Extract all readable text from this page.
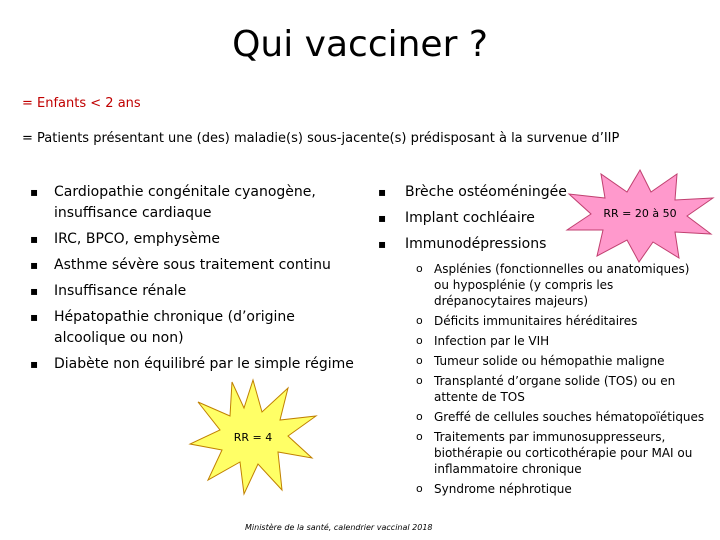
Qui vacciner ?
= Enfants < 2 ans
= Patients présentant une (des) maladie(s) sous-jacente(s) prédisposant à la survenue d’IIP
▪ Cardiopathie congénitale cyanogène, insuffisance cardiaque
▪ IRC, BPCO, emphysème
▪ Asthme sévère sous traitement continu
▪ Insuffisance rénale
▪ Hépatopathie chronique (d’origine alcoolique ou non)
▪ Diabète non équilibré par le simple régime
▪ Brèche ostéoméningée
▪ Implant cochléaire
▪ Immunodépressions
o Asplénies (fonctionnelles ou anatomiques) ou hyposplénie (y compris les drépanocytaires majeurs)
o Déficits immunitaires héréditaires
o Infection par le VIH
o Tumeur solide ou hémopathie maligne
o Transplanté d’organe solide (TOS) ou en attente de TOS
o Greffé de cellules souches hématopoïétiques
o Traitements par immunosuppresseurs, biothérapie ou corticothérapie pour MAI ou inflammatoire chronique
o Syndrome néphrotique
RR = 4
RR = 20 à 50
Ministère de la santé, calendrier vaccinal 2018
